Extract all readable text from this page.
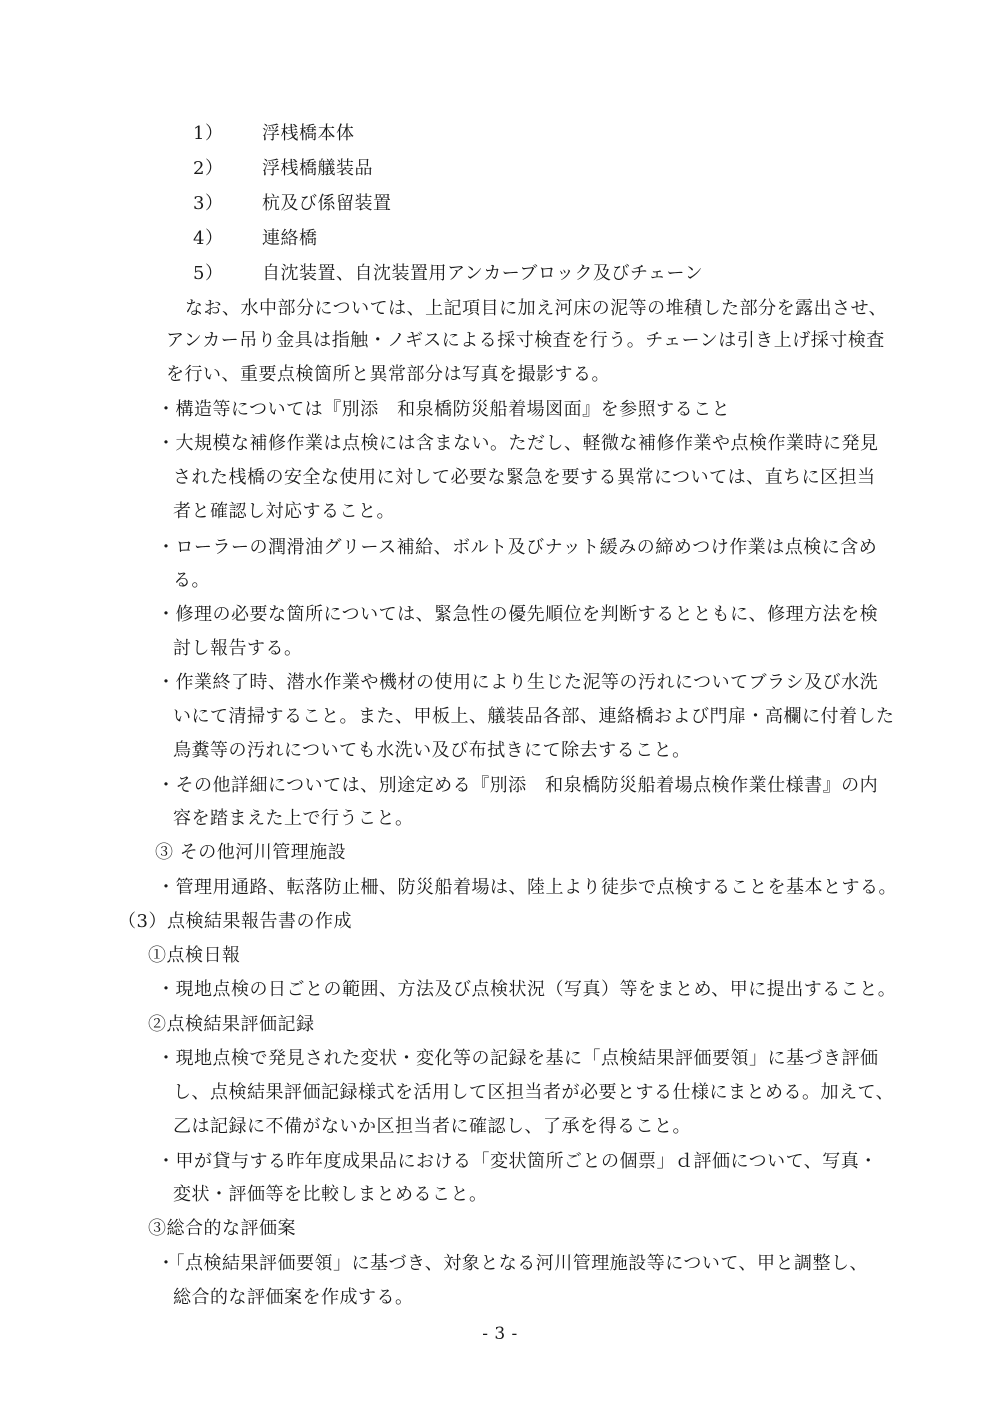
1） 浮桟橋本体
2） 浮桟橋艤装品
3） 杭及び係留装置
4） 連絡橋
5） 自沈装置、自沈装置用アンカーブロック及びチェーン
なお、水中部分については、上記項目に加え河床の泥等の堆積した部分を露出させ、
アンカー吊り金具は指触・ノギスによる採寸検査を行う。チェーンは引き上げ採寸検査
を行い、重要点検箇所と異常部分は写真を撮影する。
・構造等については『別添　和泉橋防災船着場図面』を参照すること
・大規模な補修作業は点検には含まない。ただし、軽微な補修作業や点検作業時に発見
された桟橋の安全な使用に対して必要な緊急を要する異常については、直ちに区担当
者と確認し対応すること。
・ローラーの潤滑油グリース補給、ボルト及びナット緩みの締めつけ作業は点検に含め
る。
・修理の必要な箇所については、緊急性の優先順位を判断するとともに、修理方法を検
討し報告する。
・作業終了時、潜水作業や機材の使用により生じた泥等の汚れについてブラシ及び水洗
いにて清掃すること。また、甲板上、艤装品各部、連絡橋および門扉・高欄に付着した
鳥糞等の汚れについても水洗い及び布拭きにて除去すること。
・その他詳細については、別途定める『別添　和泉橋防災船着場点検作業仕様書』の内
容を踏まえた上で行うこと。
③ その他河川管理施設
・管理用通路、転落防止柵、防災船着場は、陸上より徒歩で点検することを基本とする。
（3）点検結果報告書の作成
①点検日報
・現地点検の日ごとの範囲、方法及び点検状況（写真）等をまとめ、甲に提出すること。
②点検結果評価記録
・現地点検で発見された変状・変化等の記録を基に「点検結果評価要領」に基づき評価
し、点検結果評価記録様式を活用して区担当者が必要とする仕様にまとめる。加えて、
乙は記録に不備がないか区担当者に確認し、了承を得ること。
・甲が貸与する昨年度成果品における「変状箇所ごとの個票」ｄ評価について、写真・
変状・評価等を比較しまとめること。
③総合的な評価案
・「点検結果評価要領」に基づき、対象となる河川管理施設等について、甲と調整し、
総合的な評価案を作成する。
- 3 -
